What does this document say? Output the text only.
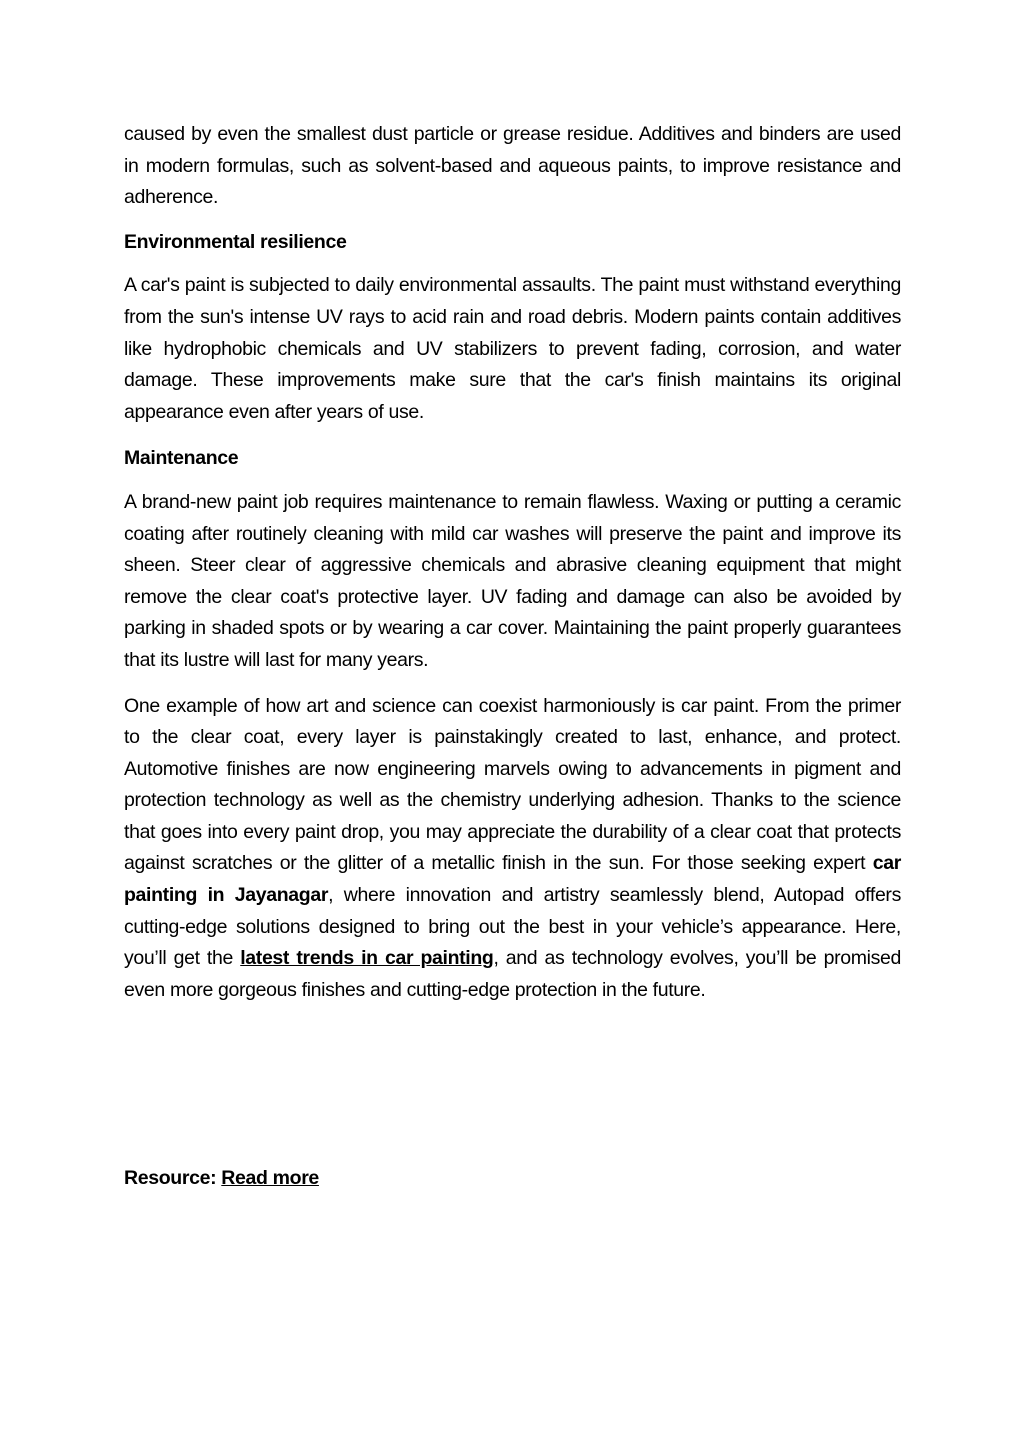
caused by even the smallest dust particle or grease residue. Additives and binders are used in modern formulas, such as solvent-based and aqueous paints, to improve resistance and adherence.

Environmental resilience

A car's paint is subjected to daily environmental assaults. The paint must withstand everything from the sun's intense UV rays to acid rain and road debris. Modern paints contain additives like hydrophobic chemicals and UV stabilizers to prevent fading, corrosion, and water damage. These improvements make sure that the car's finish maintains its original appearance even after years of use.

Maintenance

A brand-new paint job requires maintenance to remain flawless. Waxing or putting a ceramic coating after routinely cleaning with mild car washes will preserve the paint and improve its sheen. Steer clear of aggressive chemicals and abrasive cleaning equipment that might remove the clear coat's protective layer. UV fading and damage can also be avoided by parking in shaded spots or by wearing a car cover. Maintaining the paint properly guarantees that its lustre will last for many years.

One example of how art and science can coexist harmoniously is car paint. From the primer to the clear coat, every layer is painstakingly created to last, enhance, and protect. Automotive finishes are now engineering marvels owing to advancements in pigment and protection technology as well as the chemistry underlying adhesion. Thanks to the science that goes into every paint drop, you may appreciate the durability of a clear coat that protects against scratches or the glitter of a metallic finish in the sun. For those seeking expert car painting in Jayanagar, where innovation and artistry seamlessly blend, Autopad offers cutting-edge solutions designed to bring out the best in your vehicle’s appearance. Here, you’ll get the latest trends in car painting, and as technology evolves, you’ll be promised even more gorgeous finishes and cutting-edge protection in the future.

Resource: Read more
